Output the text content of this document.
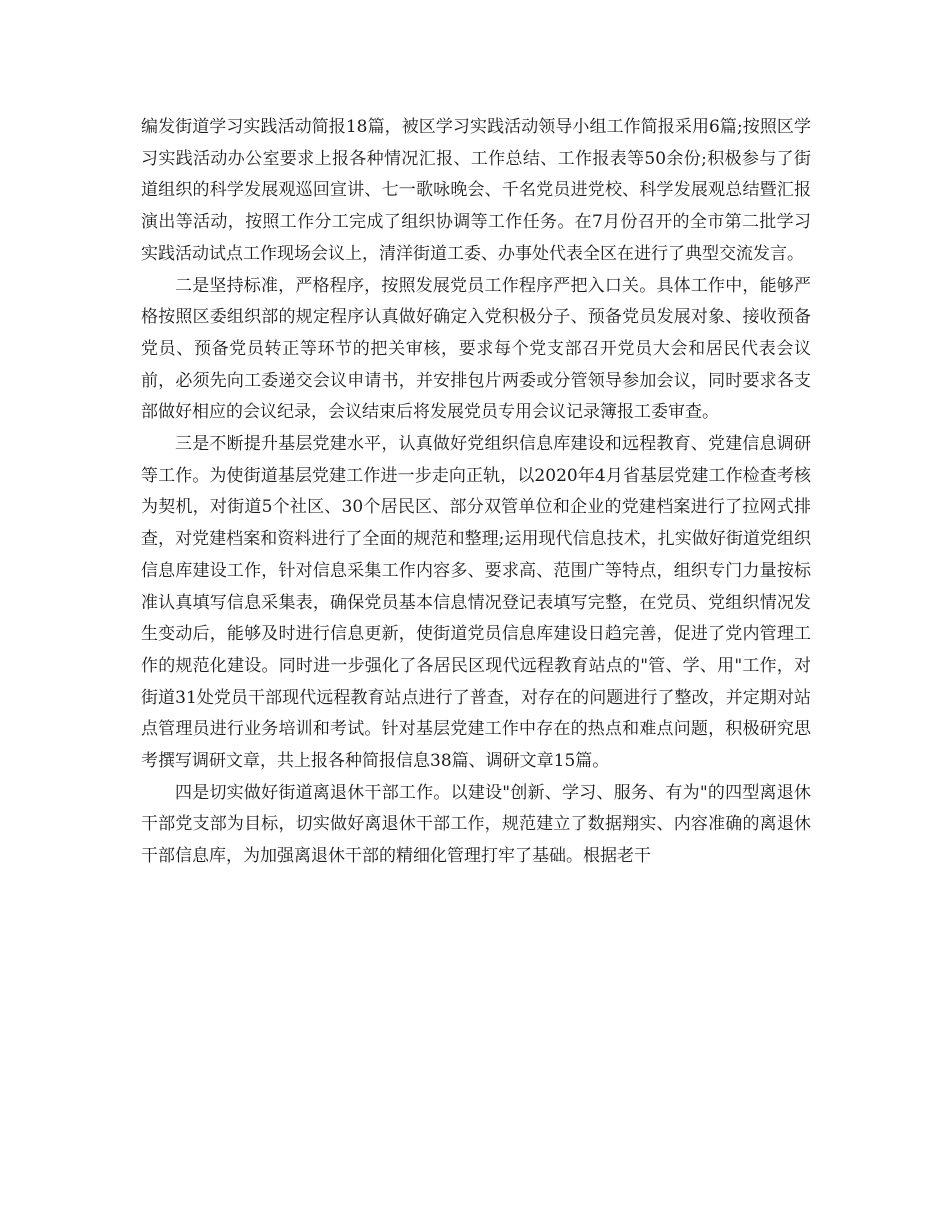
编发街道学习实践活动简报18篇，被区学习实践活动领导小组工作简报采用6篇;按照区学习实践活动办公室要求上报各种情况汇报、工作总结、工作报表等50余份;积极参与了街道组织的科学发展观巡回宣讲、七一歌咏晚会、千名党员进党校、科学发展观总结暨汇报演出等活动，按照工作分工完成了组织协调等工作任务。在7月份召开的全市第二批学习实践活动试点工作现场会议上，清洋街道工委、办事处代表全区在进行了典型交流发言。

二是坚持标准，严格程序，按照发展党员工作程序严把入口关。具体工作中，能够严格按照区委组织部的规定程序认真做好确定入党积极分子、预备党员发展对象、接收预备党员、预备党员转正等环节的把关审核，要求每个党支部召开党员大会和居民代表会议前，必须先向工委递交会议申请书，并安排包片两委或分管领导参加会议，同时要求各支部做好相应的会议纪录，会议结束后将发展党员专用会议记录簿报工委审查。

三是不断提升基层党建水平，认真做好党组织信息库建设和远程教育、党建信息调研等工作。为使街道基层党建工作进一步走向正轨，以2020年4月省基层党建工作检查考核为契机，对街道5个社区、30个居民区、部分双管单位和企业的党建档案进行了拉网式排查，对党建档案和资料进行了全面的规范和整理;运用现代信息技术，扎实做好街道党组织信息库建设工作，针对信息采集工作内容多、要求高、范围广等特点，组织专门力量按标准认真填写信息采集表，确保党员基本信息情况登记表填写完整，在党员、党组织情况发生变动后，能够及时进行信息更新，使街道党员信息库建设日趋完善，促进了党内管理工作的规范化建设。同时进一步强化了各居民区现代远程教育站点的"管、学、用"工作，对街道31处党员干部现代远程教育站点进行了普查，对存在的问题进行了整改，并定期对站点管理员进行业务培训和考试。针对基层党建工作中存在的热点和难点问题，积极研究思考撰写调研文章，共上报各种简报信息38篇、调研文章15篇。

四是切实做好街道离退休干部工作。以建设"创新、学习、服务、有为"的四型离退休干部党支部为目标，切实做好离退休干部工作，规范建立了数据翔实、内容准确的离退休干部信息库，为加强离退休干部的精细化管理打牢了基础。根据老干
